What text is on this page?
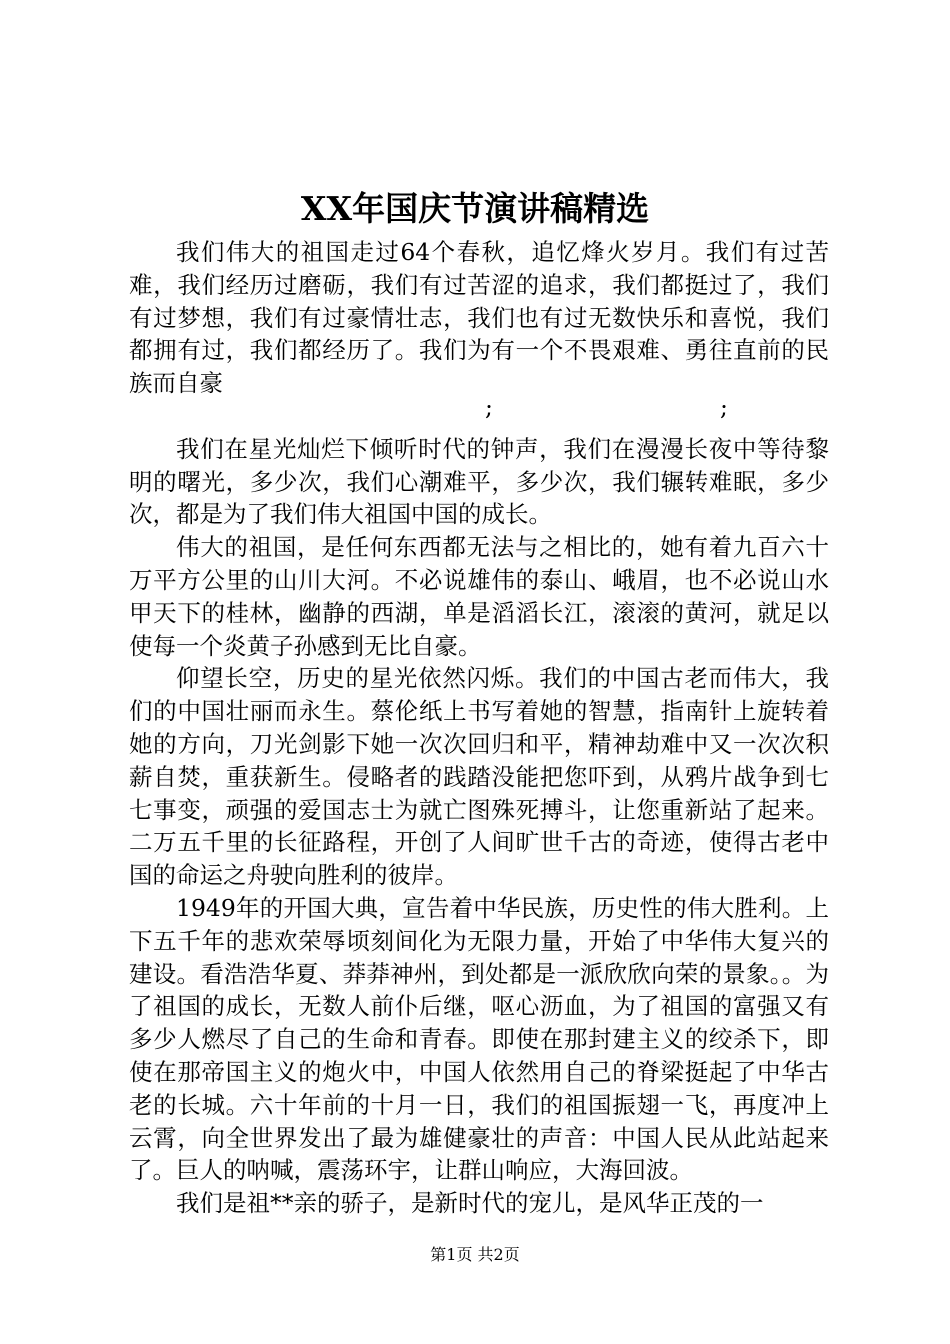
XX年国庆节演讲稿精选

我们伟大的祖国走过64个春秋，追忆烽火岁月。我们有过苦难，我们经历过磨砺，我们有过苦涩的追求，我们都挺过了，我们有过梦想，我们有过豪情壮志，我们也有过无数快乐和喜悦，我们都拥有过，我们都经历了。我们为有一个不畏艰难、勇往直前的民族而自豪
;	;

我们在星光灿烂下倾听时代的钟声，我们在漫漫长夜中等待黎明的曙光，多少次，我们心潮难平，多少次，我们辗转难眠，多少次，都是为了我们伟大祖国中国的成长。

伟大的祖国，是任何东西都无法与之相比的，她有着九百六十万平方公里的山川大河。不必说雄伟的泰山、峨眉，也不必说山水甲天下的桂林，幽静的西湖，单是滔滔长江，滚滚的黄河，就足以使每一个炎黄子孙感到无比自豪。

仰望长空，历史的星光依然闪烁。我们的中国古老而伟大，我们的中国壮丽而永生。蔡伦纸上书写着她的智慧，指南针上旋转着她的方向，刀光剑影下她一次次回归和平，精神劫难中又一次次积薪自焚，重获新生。侵略者的践踏没能把您吓到，从鸦片战争到七七事变，顽强的爱国志士为就亡图殊死搏斗，让您重新站了起来。二万五千里的长征路程，开创了人间旷世千古的奇迹，使得古老中国的命运之舟驶向胜利的彼岸。

1949年的开国大典，宣告着中华民族，历史性的伟大胜利。上下五千年的悲欢荣辱顷刻间化为无限力量，开始了中华伟大复兴的建设。看浩浩华夏、莽莽神州，到处都是一派欣欣向荣的景象。。为了祖国的成长，无数人前仆后继，呕心沥血，为了祖国的富强又有多少人燃尽了自己的生命和青春。即使在那封建主义的绞杀下，即使在那帝国主义的炮火中，中国人依然用自己的脊梁挺起了中华古老的长城。六十年前的十月一日，我们的祖国振翅一飞，再度冲上云霄，向全世界发出了最为雄健豪壮的声音：中国人民从此站起来了。巨人的呐喊，震荡环宇，让群山响应，大海回波。

我们是祖**亲的骄子，是新时代的宠儿，是风华正茂的一

第1页 共2页
